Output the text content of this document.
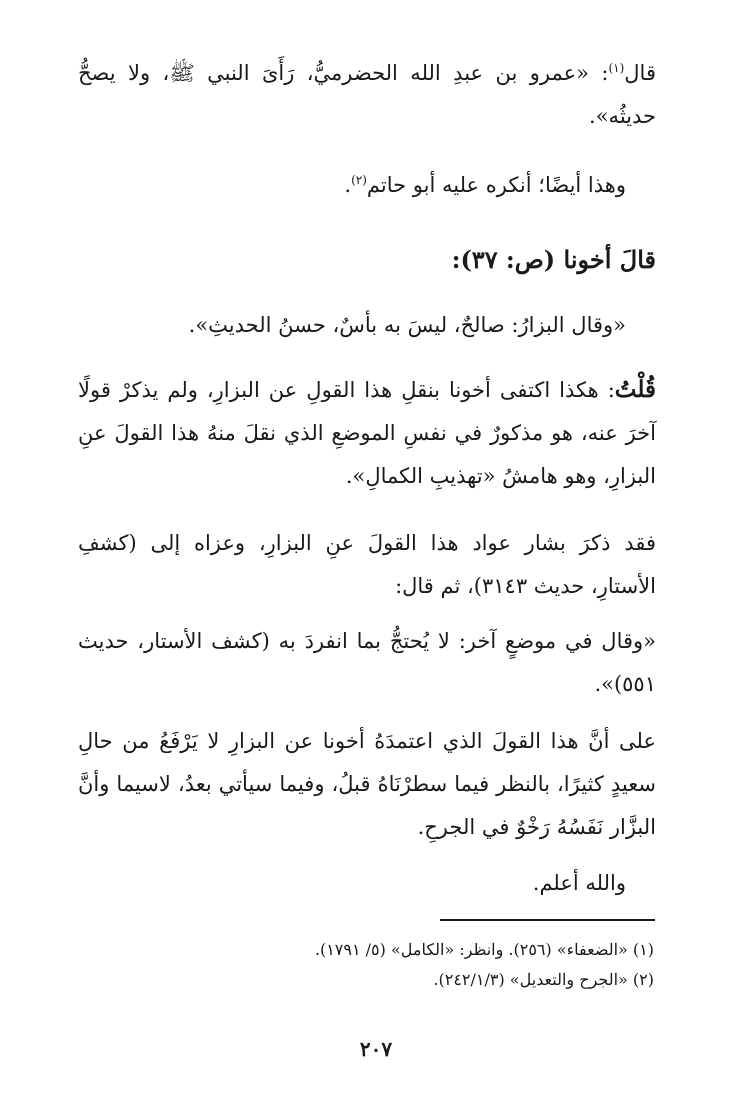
قال$^{(١)}$: «عمرو بن عبدِ الله الحضرميُّ، رَأَىَ النبي ﷺ، ولا يصحُّ حديثُه».
وهذا أيضًا؛ أنكره عليه أبو حاتم$^{(٢)}$.
قالَ أخونا (ص: ٣٧):
«وقال البزارُ: صالحٌ، ليسَ به بأسٌ، حسنُ الحديثِ».
قُلْتُ: هكذا اكتفى أخونا بنقلِ هذا القولِ عن البزارِ، ولم يذكرْ قولًا آخرَ عنه، هو مذكورٌ في نفسِ الموضعِ الذي نقلَ منهُ هذا القولَ عنِ البزارِ، وهو هامشُ «تهذيبِ الكمالِ».
فقد ذكرَ بشار عواد هذا القولَ عنِ البزارِ، وعزاه إلى (كشفِ الأستارِ، حديث ٣١٤٣)، ثم قال:
«وقال في موضعٍ آخر: لا يُحتجُّ بما انفردَ به (كشف الأستار، حديث ٥٥١)».
على أنَّ هذا القولَ الذي اعتمدَهُ أخونا عن البزارِ لا يَرْفَعُ من حالِ سعيدٍ كثيرًا، بالنظر فيما سطرْنَاهُ قبلُ، وفيما سيأتي بعدُ، لاسيما وأنَّ البزَّار نَفَسُهُ رَخْوٌ في الجرحِ.
والله أعلم.
(١) «الضعفاء» (٢٥٦). وانظر: «الكامل» (٥/ ١٧٩١).
(٢) «الجرح والتعديل» (٢٤٢/١/٣).
٢٠٧
